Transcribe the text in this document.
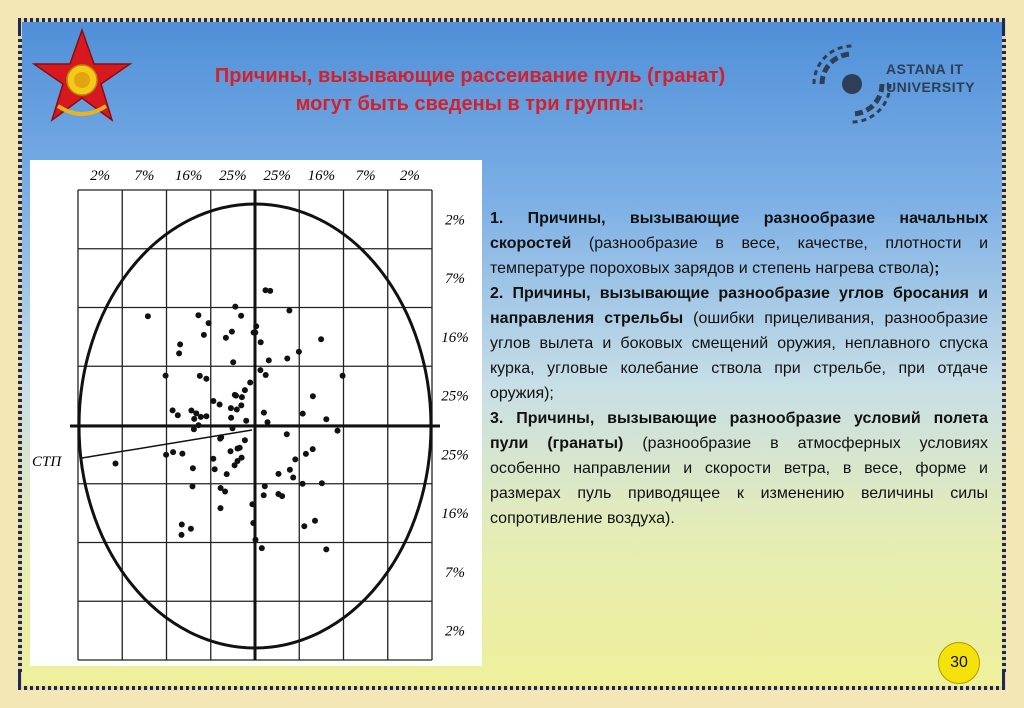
Причины, вызывающие рассеивание пуль (гранат)
могут быть сведены в три группы:
ASTANA IT
UNIVERSITY
2% 7% 16% 25% 25% 16% 7% 2%
2%
7%
16%
25%
25%
16%
7%
2%
СТП

1. Причины, вызывающие разнообразие начальных скоростей (разнообразие в весе, качестве, плотности и температуре пороховых зарядов и степень нагрева ствола);

2. Причины, вызывающие разнообразие углов бросания и направления стрельбы (ошибки прицеливания, разнообразие углов вылета и боковых смещений оружия, неплавного спуска курка, угловые колебание ствола при стрельбе, при отдаче оружия);

3. Причины, вызывающие разнообразие условий полета пули (гранаты) (разнообразие в атмосферных условиях особенно направлении и скорости ветра, в весе, форме и размерах пуль приводящее к изменению величины силы сопротивление воздуха).

30
